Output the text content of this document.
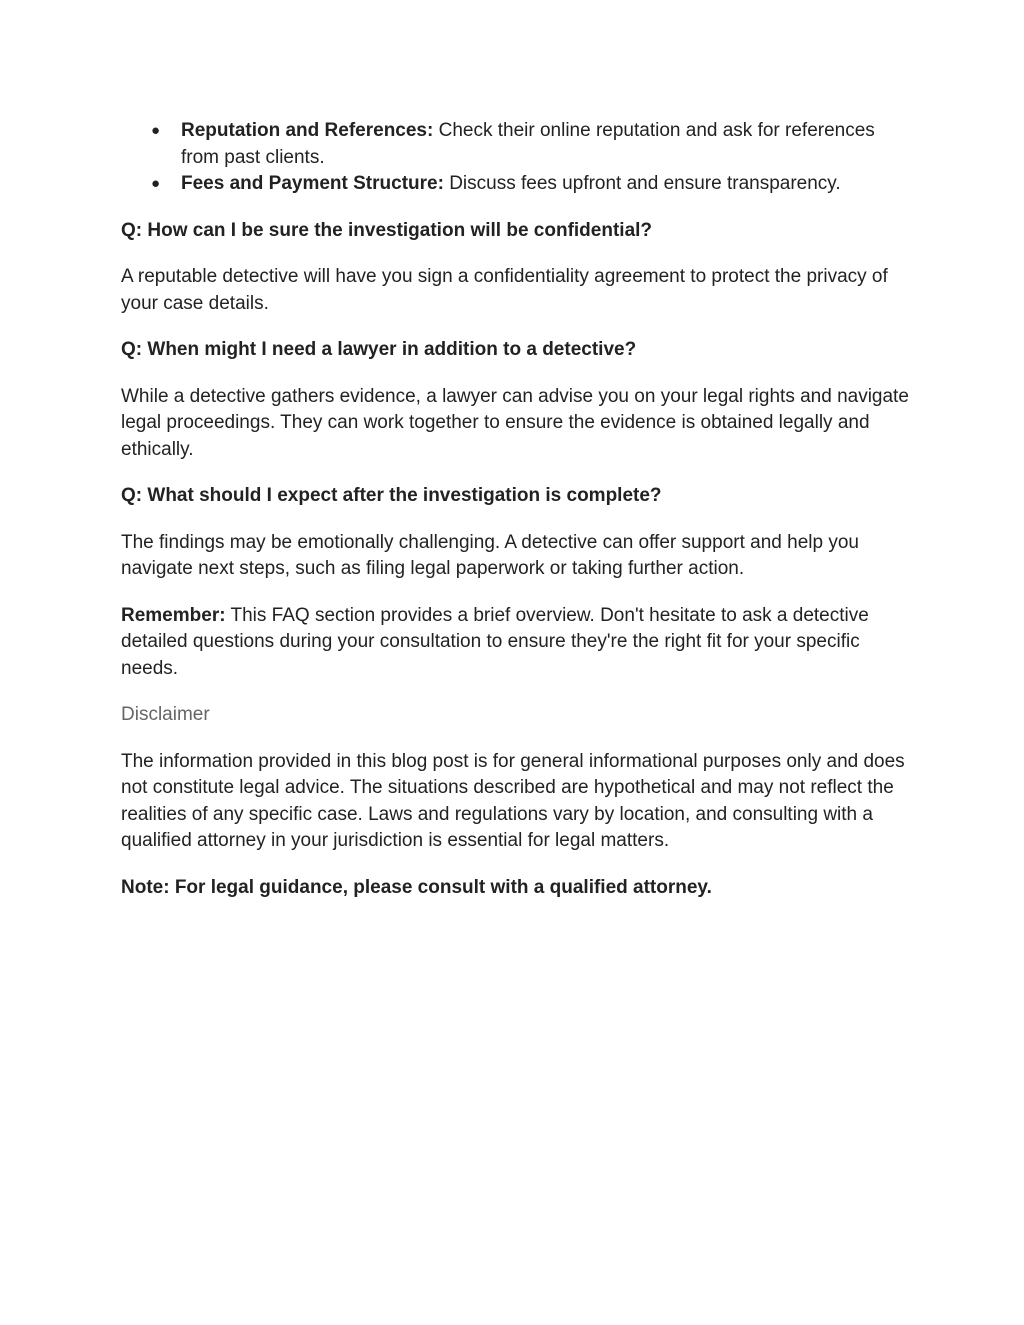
● Reputation and References: Check their online reputation and ask for references from past clients.
● Fees and Payment Structure: Discuss fees upfront and ensure transparency.

Q: How can I be sure the investigation will be confidential?

A reputable detective will have you sign a confidentiality agreement to protect the privacy of your case details.

Q: When might I need a lawyer in addition to a detective?

While a detective gathers evidence, a lawyer can advise you on your legal rights and navigate legal proceedings. They can work together to ensure the evidence is obtained legally and ethically.

Q: What should I expect after the investigation is complete?

The findings may be emotionally challenging. A detective can offer support and help you navigate next steps, such as filing legal paperwork or taking further action.

Remember: This FAQ section provides a brief overview. Don't hesitate to ask a detective detailed questions during your consultation to ensure they're the right fit for your specific needs.

Disclaimer

The information provided in this blog post is for general informational purposes only and does not constitute legal advice. The situations described are hypothetical and may not reflect the realities of any specific case. Laws and regulations vary by location, and consulting with a qualified attorney in your jurisdiction is essential for legal matters.

Note: For legal guidance, please consult with a qualified attorney.
